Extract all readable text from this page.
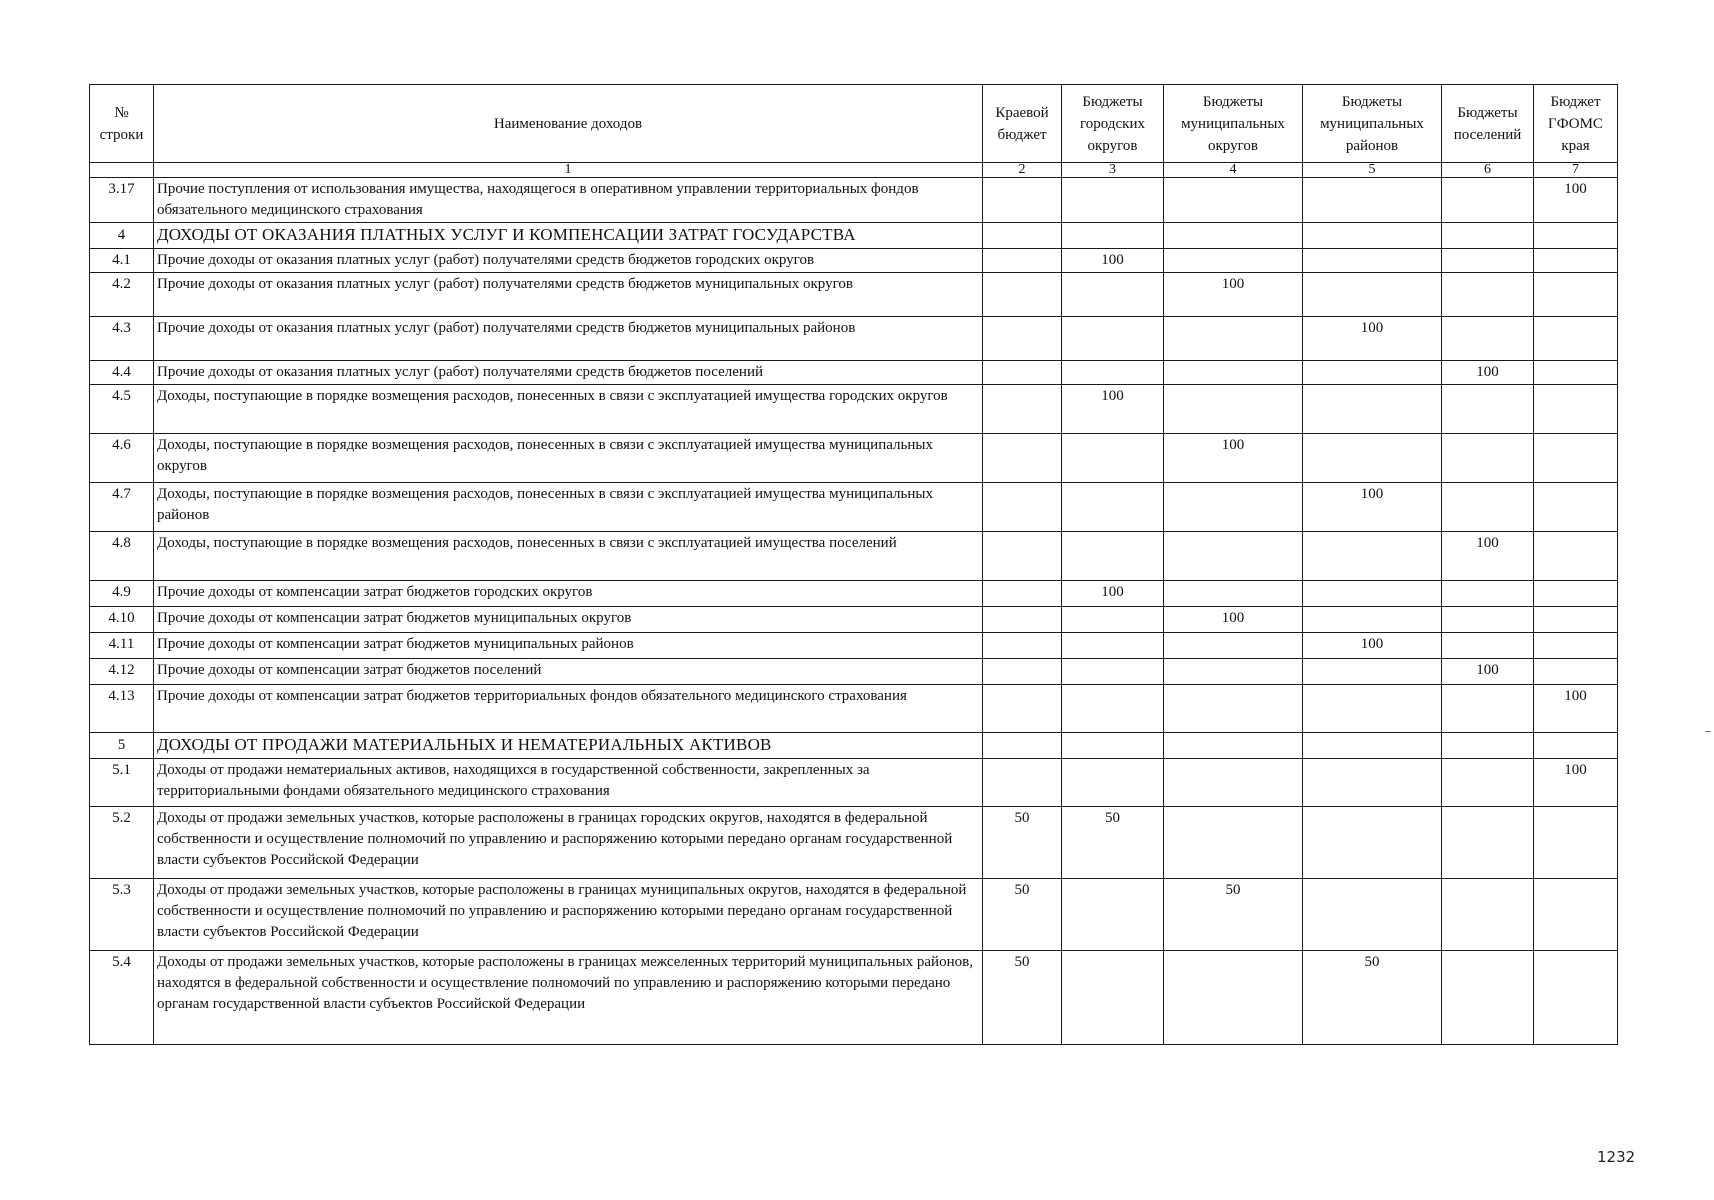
№ строки	Наименование доходов	Краевой бюджет	Бюджеты городских округов	Бюджеты муниципальных округов	Бюджеты муниципальных районов	Бюджеты поселений	Бюджет ГФОМС края
	1	2	3	4	5	6	7
3.17	Прочие поступления от использования имущества, находящегося в оперативном управлении территориальных фондов обязательного медицинского страхования						100
4	ДОХОДЫ ОТ ОКАЗАНИЯ ПЛАТНЫХ УСЛУГ И КОМПЕНСАЦИИ ЗАТРАТ ГОСУДАРСТВА						
4.1	Прочие доходы от оказания платных услуг (работ) получателями средств бюджетов городских округов		100				
4.2	Прочие доходы от оказания платных услуг (работ) получателями средств бюджетов муниципальных округов			100			
4.3	Прочие доходы от оказания платных услуг (работ) получателями средств бюджетов муниципальных районов				100		
4.4	Прочие доходы от оказания платных услуг (работ) получателями средств бюджетов поселений					100	
4.5	Доходы, поступающие в порядке возмещения расходов, понесенных в связи с эксплуатацией имущества городских округов		100				
4.6	Доходы, поступающие в порядке возмещения расходов, понесенных в связи с эксплуатацией имущества муниципальных округов			100			
4.7	Доходы, поступающие в порядке возмещения расходов, понесенных в связи с эксплуатацией имущества муниципальных районов				100		
4.8	Доходы, поступающие в порядке возмещения расходов, понесенных в связи с эксплуатацией имущества поселений					100	
4.9	Прочие доходы от компенсации затрат бюджетов городских округов		100				
4.10	Прочие доходы от компенсации затрат бюджетов муниципальных округов			100			
4.11	Прочие доходы от компенсации затрат бюджетов муниципальных районов				100		
4.12	Прочие доходы от компенсации затрат бюджетов поселений					100	
4.13	Прочие доходы от компенсации затрат бюджетов территориальных фондов обязательного медицинского страхования						100
5	ДОХОДЫ ОТ ПРОДАЖИ МАТЕРИАЛЬНЫХ И НЕМАТЕРИАЛЬНЫХ АКТИВОВ						
5.1	Доходы от продажи нематериальных активов, находящихся в государственной собственности, закрепленных за территориальными фондами обязательного медицинского страхования						100
5.2	Доходы от продажи земельных участков, которые расположены в границах городских округов, находятся в федеральной собственности и осуществление полномочий по управлению и распоряжению которыми передано органам государственной власти субъектов Российской Федерации	50	50				
5.3	Доходы от продажи земельных участков, которые расположены в границах муниципальных округов, находятся в федеральной собственности и осуществление полномочий по управлению и распоряжению которыми передано органам государственной власти субъектов Российской Федерации	50		50			
5.4	Доходы от продажи земельных участков, которые расположены в границах межселенных территорий муниципальных районов, находятся в федеральной собственности и осуществление полномочий по управлению и распоряжению которыми передано органам государственной власти субъектов Российской Федерации	50			50		
1232
